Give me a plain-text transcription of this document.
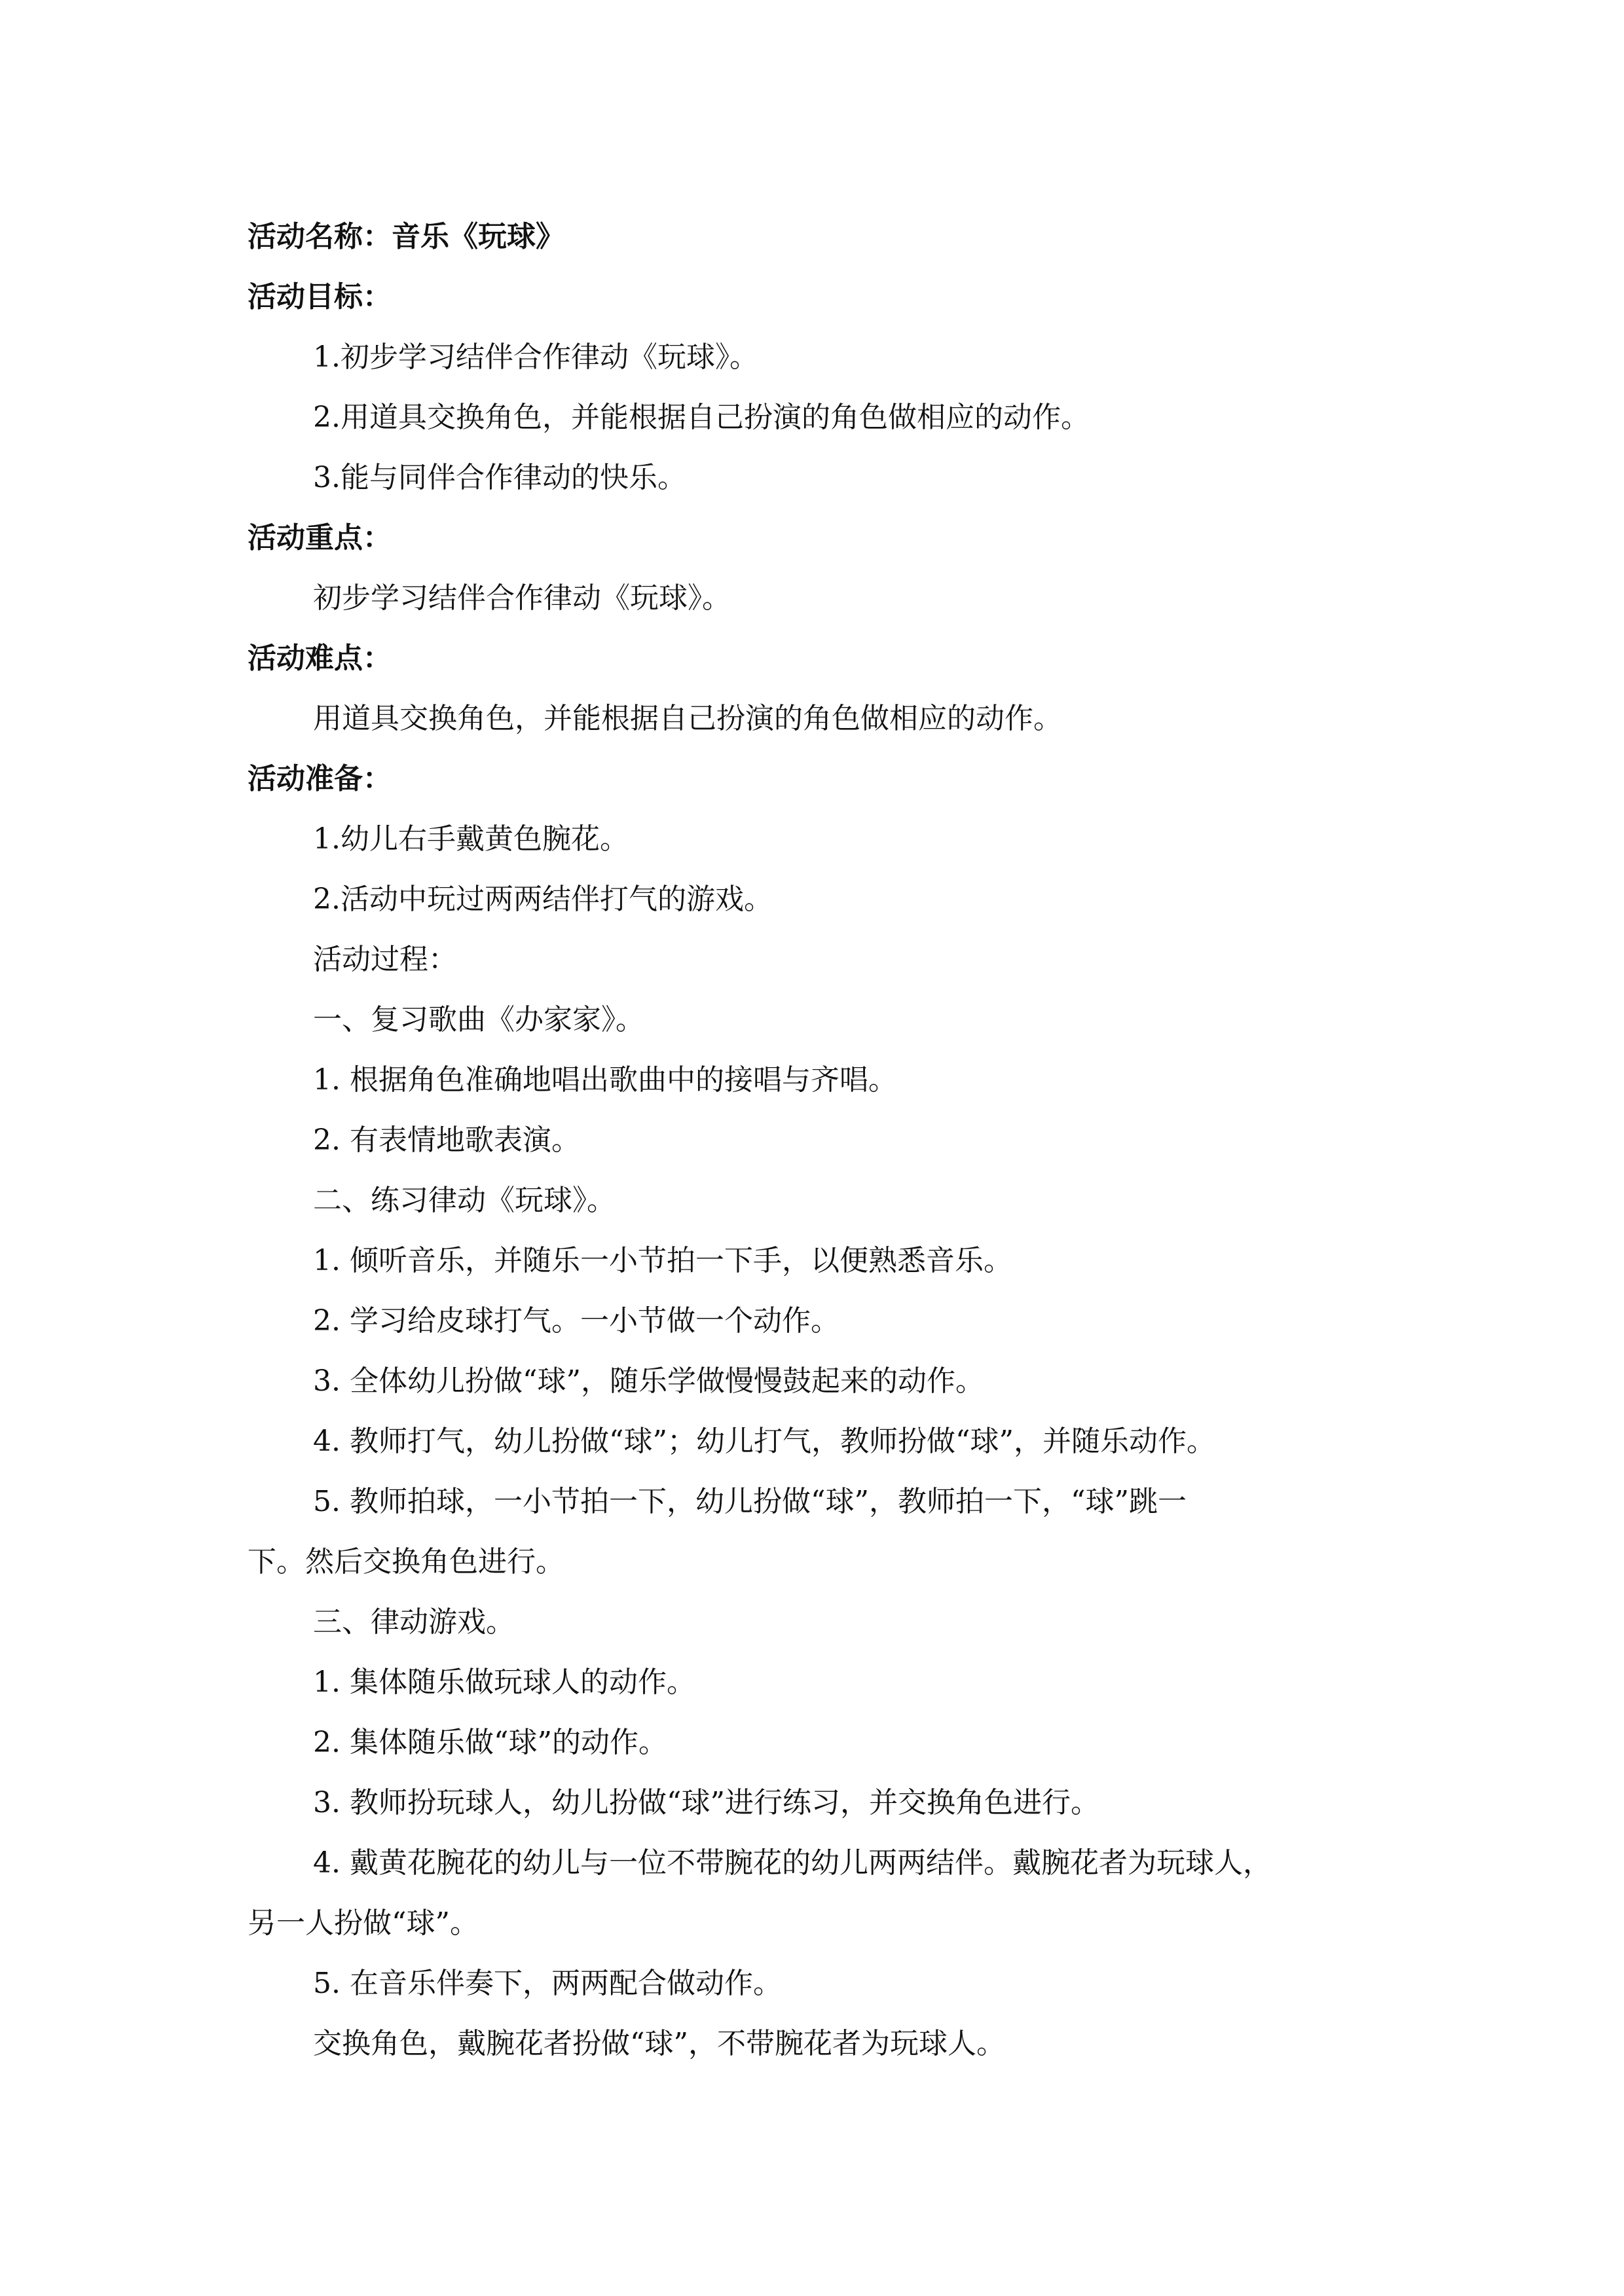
活动名称：音乐《玩球》
活动目标：
1.初步学习结伴合作律动《玩球》。
2.用道具交换角色，并能根据自己扮演的角色做相应的动作。
3.能与同伴合作律动的快乐。
活动重点：
初步学习结伴合作律动《玩球》。
活动难点：
用道具交换角色，并能根据自己扮演的角色做相应的动作。
活动准备：
1.幼儿右手戴黄色腕花。
2.活动中玩过两两结伴打气的游戏。
活动过程：
一、复习歌曲《办家家》。
1. 根据角色准确地唱出歌曲中的接唱与齐唱。
2. 有表情地歌表演。
二、练习律动《玩球》。
1. 倾听音乐，并随乐一小节拍一下手，以便熟悉音乐。
2. 学习给皮球打气。一小节做一个动作。
3. 全体幼儿扮做“球”，随乐学做慢慢鼓起来的动作。
4. 教师打气，幼儿扮做“球”；幼儿打气，教师扮做“球”，并随乐动作。
5. 教师拍球，一小节拍一下，幼儿扮做“球”，教师拍一下，“球”跳一
下。然后交换角色进行。
三、律动游戏。
1. 集体随乐做玩球人的动作。
2. 集体随乐做“球”的动作。
3. 教师扮玩球人，幼儿扮做“球”进行练习，并交换角色进行。
4. 戴黄花腕花的幼儿与一位不带腕花的幼儿两两结伴。戴腕花者为玩球人，
另一人扮做“球”。
5. 在音乐伴奏下，两两配合做动作。
交换角色，戴腕花者扮做“球”，不带腕花者为玩球人。
